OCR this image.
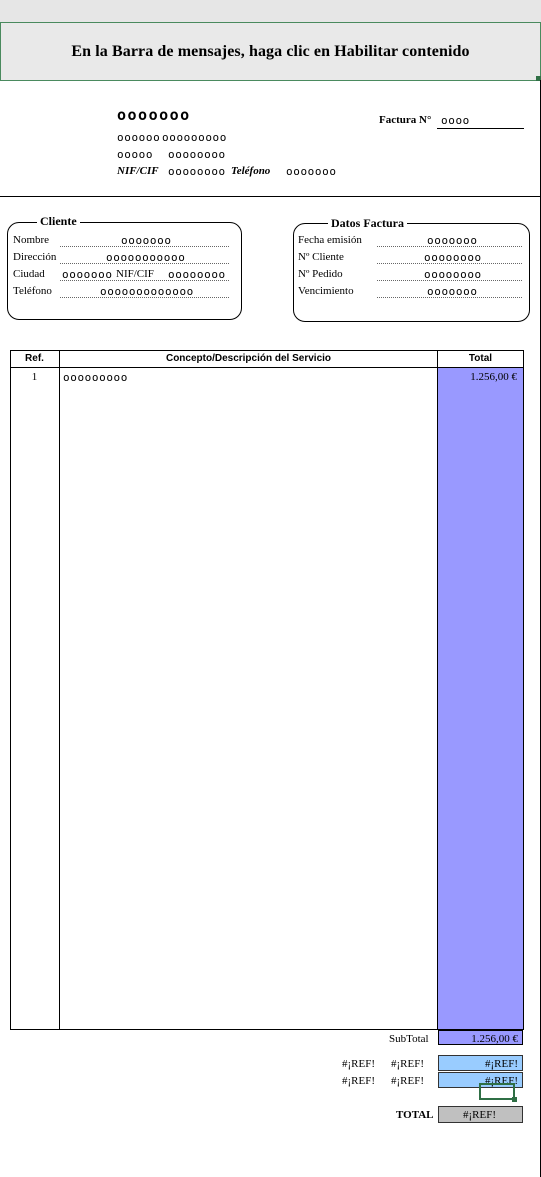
En la Barra de mensajes, haga clic en Habilitar contenido
ooooooo
oooooo ooooooooo
ooooo oooooooo
NIF/CIF oooooooo Teléfono ooooooo
Factura N° oooo
Cliente
Nombre	ooooooo
Dirección	ooooooooooo
Ciudad ooooooo NIF/CIF oooooooo
Teléfono	ooooooooooooo
Datos Factura
Fecha emisión	ooooooo
Nº Cliente	oooooooo
Nº Pedido	oooooooo
Vencimiento	ooooooo
Ref.	Concepto/Descripción del Servicio	Total
1	ooooooooo	1.256,00 €
SubTotal	1.256,00 €
#¡REF! #¡REF!	#¡REF!
#¡REF! #¡REF!	#¡REF!
TOTAL	#¡REF!
